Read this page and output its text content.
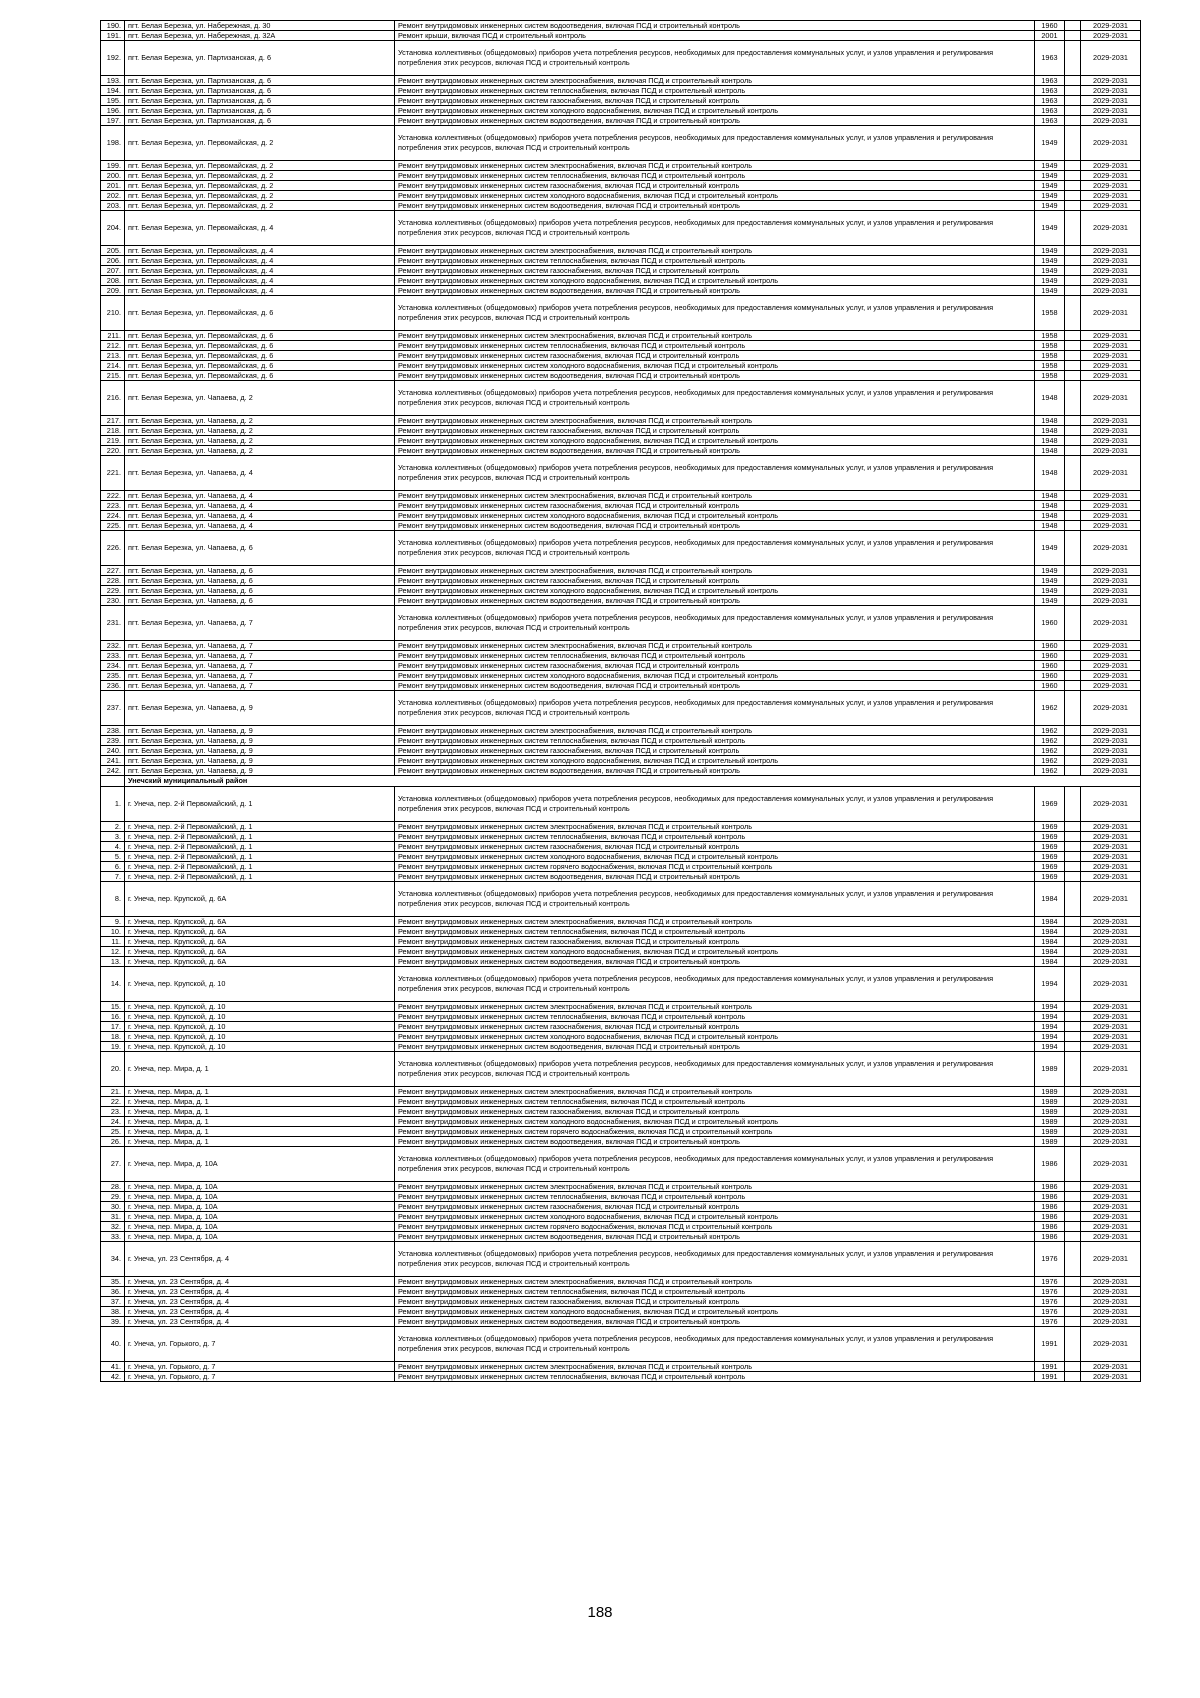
190.	пгт. Белая Березка, ул. Набережная, д. 30	Ремонт внутридомовых инженерных систем водоотведения, включая ПСД и строительный контроль	1960		2029-2031
191.	пгт. Белая Березка, ул. Набережная, д. 32А	Ремонт крыши, включая ПСД и строительный контроль	2001		2029-2031
192.	пгт. Белая Березка, ул. Партизанская, д. 6	Установка коллективных (общедомовых) приборов учета потребления ресурсов, необходимых для предоставления коммунальных услуг, и узлов управления и регулирования потребления этих ресурсов, включая ПСД и строительный контроль	1963		2029-2031
193.	пгт. Белая Березка, ул. Партизанская, д. 6	Ремонт внутридомовых инженерных систем электроснабжения, включая ПСД и строительный контроль	1963		2029-2031
194.	пгт. Белая Березка, ул. Партизанская, д. 6	Ремонт внутридомовых инженерных систем теплоснабжения, включая ПСД и строительный контроль	1963		2029-2031
195.	пгт. Белая Березка, ул. Партизанская, д. 6	Ремонт внутридомовых инженерных систем газоснабжения, включая ПСД и строительный контроль	1963		2029-2031
196.	пгт. Белая Березка, ул. Партизанская, д. 6	Ремонт внутридомовых инженерных систем холодного водоснабжения, включая ПСД и строительный контроль	1963		2029-2031
197.	пгт. Белая Березка, ул. Партизанская, д. 6	Ремонт внутридомовых инженерных систем водоотведения, включая ПСД и строительный контроль	1963		2029-2031
198.	пгт. Белая Березка, ул. Первомайская, д. 2	Установка коллективных (общедомовых) приборов учета потребления ресурсов, необходимых для предоставления коммунальных услуг, и узлов управления и регулирования потребления этих ресурсов, включая ПСД и строительный контроль	1949		2029-2031
199.	пгт. Белая Березка, ул. Первомайская, д. 2	Ремонт внутридомовых инженерных систем электроснабжения, включая ПСД и строительный контроль	1949		2029-2031
200.	пгт. Белая Березка, ул. Первомайская, д. 2	Ремонт внутридомовых инженерных систем теплоснабжения, включая ПСД и строительный контроль	1949		2029-2031
201.	пгт. Белая Березка, ул. Первомайская, д. 2	Ремонт внутридомовых инженерных систем газоснабжения, включая ПСД и строительный контроль	1949		2029-2031
202.	пгт. Белая Березка, ул. Первомайская, д. 2	Ремонт внутридомовых инженерных систем холодного водоснабжения, включая ПСД и строительный контроль	1949		2029-2031
203.	пгт. Белая Березка, ул. Первомайская, д. 2	Ремонт внутридомовых инженерных систем водоотведения, включая ПСД и строительный контроль	1949		2029-2031
204.	пгт. Белая Березка, ул. Первомайская, д. 4	Установка коллективных (общедомовых) приборов учета потребления ресурсов, необходимых для предоставления коммунальных услуг, и узлов управления и регулирования потребления этих ресурсов, включая ПСД и строительный контроль	1949		2029-2031
205.	пгт. Белая Березка, ул. Первомайская, д. 4	Ремонт внутридомовых инженерных систем электроснабжения, включая ПСД и строительный контроль	1949		2029-2031
206.	пгт. Белая Березка, ул. Первомайская, д. 4	Ремонт внутридомовых инженерных систем теплоснабжения, включая ПСД и строительный контроль	1949		2029-2031
207.	пгт. Белая Березка, ул. Первомайская, д. 4	Ремонт внутридомовых инженерных систем газоснабжения, включая ПСД и строительный контроль	1949		2029-2031
208.	пгт. Белая Березка, ул. Первомайская, д. 4	Ремонт внутридомовых инженерных систем холодного водоснабжения, включая ПСД и строительный контроль	1949		2029-2031
209.	пгт. Белая Березка, ул. Первомайская, д. 4	Ремонт внутридомовых инженерных систем водоотведения, включая ПСД и строительный контроль	1949		2029-2031
210.	пгт. Белая Березка, ул. Первомайская, д. 6	Установка коллективных (общедомовых) приборов учета потребления ресурсов, необходимых для предоставления коммунальных услуг, и узлов управления и регулирования потребления этих ресурсов, включая ПСД и строительный контроль	1958		2029-2031
211.	пгт. Белая Березка, ул. Первомайская, д. 6	Ремонт внутридомовых инженерных систем электроснабжения, включая ПСД и строительный контроль	1958		2029-2031
212.	пгт. Белая Березка, ул. Первомайская, д. 6	Ремонт внутридомовых инженерных систем теплоснабжения, включая ПСД и строительный контроль	1958		2029-2031
213.	пгт. Белая Березка, ул. Первомайская, д. 6	Ремонт внутридомовых инженерных систем газоснабжения, включая ПСД и строительный контроль	1958		2029-2031
214.	пгт. Белая Березка, ул. Первомайская, д. 6	Ремонт внутридомовых инженерных систем холодного водоснабжения, включая ПСД и строительный контроль	1958		2029-2031
215.	пгт. Белая Березка, ул. Первомайская, д. 6	Ремонт внутридомовых инженерных систем водоотведения, включая ПСД и строительный контроль	1958		2029-2031
216.	пгт. Белая Березка, ул. Чапаева, д. 2	Установка коллективных (общедомовых) приборов учета потребления ресурсов, необходимых для предоставления коммунальных услуг, и узлов управления и регулирования потребления этих ресурсов, включая ПСД и строительный контроль	1948		2029-2031
217.	пгт. Белая Березка, ул. Чапаева, д. 2	Ремонт внутридомовых инженерных систем электроснабжения, включая ПСД и строительный контроль	1948		2029-2031
218.	пгт. Белая Березка, ул. Чапаева, д. 2	Ремонт внутридомовых инженерных систем газоснабжения, включая ПСД и строительный контроль	1948		2029-2031
219.	пгт. Белая Березка, ул. Чапаева, д. 2	Ремонт внутридомовых инженерных систем холодного водоснабжения, включая ПСД и строительный контроль	1948		2029-2031
220.	пгт. Белая Березка, ул. Чапаева, д. 2	Ремонт внутридомовых инженерных систем водоотведения, включая ПСД и строительный контроль	1948		2029-2031
221.	пгт. Белая Березка, ул. Чапаева, д. 4	Установка коллективных (общедомовых) приборов учета потребления ресурсов, необходимых для предоставления коммунальных услуг, и узлов управления и регулирования потребления этих ресурсов, включая ПСД и строительный контроль	1948		2029-2031
222.	пгт. Белая Березка, ул. Чапаева, д. 4	Ремонт внутридомовых инженерных систем электроснабжения, включая ПСД и строительный контроль	1948		2029-2031
223.	пгт. Белая Березка, ул. Чапаева, д. 4	Ремонт внутридомовых инженерных систем газоснабжения, включая ПСД и строительный контроль	1948		2029-2031
224.	пгт. Белая Березка, ул. Чапаева, д. 4	Ремонт внутридомовых инженерных систем холодного водоснабжения, включая ПСД и строительный контроль	1948		2029-2031
225.	пгт. Белая Березка, ул. Чапаева, д. 4	Ремонт внутридомовых инженерных систем водоотведения, включая ПСД и строительный контроль	1948		2029-2031
226.	пгт. Белая Березка, ул. Чапаева, д. 6	Установка коллективных (общедомовых) приборов учета потребления ресурсов, необходимых для предоставления коммунальных услуг, и узлов управления и регулирования потребления этих ресурсов, включая ПСД и строительный контроль	1949		2029-2031
227.	пгт. Белая Березка, ул. Чапаева, д. 6	Ремонт внутридомовых инженерных систем электроснабжения, включая ПСД и строительный контроль	1949		2029-2031
228.	пгт. Белая Березка, ул. Чапаева, д. 6	Ремонт внутридомовых инженерных систем газоснабжения, включая ПСД и строительный контроль	1949		2029-2031
229.	пгт. Белая Березка, ул. Чапаева, д. 6	Ремонт внутридомовых инженерных систем холодного водоснабжения, включая ПСД и строительный контроль	1949		2029-2031
230.	пгт. Белая Березка, ул. Чапаева, д. 6	Ремонт внутридомовых инженерных систем водоотведения, включая ПСД и строительный контроль	1949		2029-2031
231.	пгт. Белая Березка, ул. Чапаева, д. 7	Установка коллективных (общедомовых) приборов учета потребления ресурсов, необходимых для предоставления коммунальных услуг, и узлов управления и регулирования потребления этих ресурсов, включая ПСД и строительный контроль	1960		2029-2031
232.	пгт. Белая Березка, ул. Чапаева, д. 7	Ремонт внутридомовых инженерных систем электроснабжения, включая ПСД и строительный контроль	1960		2029-2031
233.	пгт. Белая Березка, ул. Чапаева, д. 7	Ремонт внутридомовых инженерных систем теплоснабжения, включая ПСД и строительный контроль	1960		2029-2031
234.	пгт. Белая Березка, ул. Чапаева, д. 7	Ремонт внутридомовых инженерных систем газоснабжения, включая ПСД и строительный контроль	1960		2029-2031
235.	пгт. Белая Березка, ул. Чапаева, д. 7	Ремонт внутридомовых инженерных систем холодного водоснабжения, включая ПСД и строительный контроль	1960		2029-2031
236.	пгт. Белая Березка, ул. Чапаева, д. 7	Ремонт внутридомовых инженерных систем водоотведения, включая ПСД и строительный контроль	1960		2029-2031
237.	пгт. Белая Березка, ул. Чапаева, д. 9	Установка коллективных (общедомовых) приборов учета потребления ресурсов, необходимых для предоставления коммунальных услуг, и узлов управления и регулирования потребления этих ресурсов, включая ПСД и строительный контроль	1962		2029-2031
238.	пгт. Белая Березка, ул. Чапаева, д. 9	Ремонт внутридомовых инженерных систем электроснабжения, включая ПСД и строительный контроль	1962		2029-2031
239.	пгт. Белая Березка, ул. Чапаева, д. 9	Ремонт внутридомовых инженерных систем теплоснабжения, включая ПСД и строительный контроль	1962		2029-2031
240.	пгт. Белая Березка, ул. Чапаева, д. 9	Ремонт внутридомовых инженерных систем газоснабжения, включая ПСД и строительный контроль	1962		2029-2031
241.	пгт. Белая Березка, ул. Чапаева, д. 9	Ремонт внутридомовых инженерных систем холодного водоснабжения, включая ПСД и строительный контроль	1962		2029-2031
242.	пгт. Белая Березка, ул. Чапаева, д. 9	Ремонт внутридомовых инженерных систем водоотведения, включая ПСД и строительный контроль	1962		2029-2031
	Унечский муниципальный район				
1.	г. Унеча, пер. 2-й Первомайский, д. 1	Установка коллективных (общедомовых) приборов учета потребления ресурсов, необходимых для предоставления коммунальных услуг, и узлов управления и регулирования потребления этих ресурсов, включая ПСД и строительный контроль	1969		2029-2031
2.	г. Унеча, пер. 2-й Первомайский, д. 1	Ремонт внутридомовых инженерных систем электроснабжения, включая ПСД и строительный контроль	1969		2029-2031
3.	г. Унеча, пер. 2-й Первомайский, д. 1	Ремонт внутридомовых инженерных систем теплоснабжения, включая ПСД и строительный контроль	1969		2029-2031
4.	г. Унеча, пер. 2-й Первомайский, д. 1	Ремонт внутридомовых инженерных систем газоснабжения, включая ПСД и строительный контроль	1969		2029-2031
5.	г. Унеча, пер. 2-й Первомайский, д. 1	Ремонт внутридомовых инженерных систем холодного водоснабжения, включая ПСД и строительный контроль	1969		2029-2031
6.	г. Унеча, пер. 2-й Первомайский, д. 1	Ремонт внутридомовых инженерных систем горячего водоснабжения, включая ПСД и строительный контроль	1969		2029-2031
7.	г. Унеча, пер. 2-й Первомайский, д. 1	Ремонт внутридомовых инженерных систем водоотведения, включая ПСД и строительный контроль	1969		2029-2031
8.	г. Унеча, пер. Крупской, д. 6А	Установка коллективных (общедомовых) приборов учета потребления ресурсов, необходимых для предоставления коммунальных услуг, и узлов управления и регулирования потребления этих ресурсов, включая ПСД и строительный контроль	1984		2029-2031
9.	г. Унеча, пер. Крупской, д. 6А	Ремонт внутридомовых инженерных систем электроснабжения, включая ПСД и строительный контроль	1984		2029-2031
10.	г. Унеча, пер. Крупской, д. 6А	Ремонт внутридомовых инженерных систем теплоснабжения, включая ПСД и строительный контроль	1984		2029-2031
11.	г. Унеча, пер. Крупской, д. 6А	Ремонт внутридомовых инженерных систем газоснабжения, включая ПСД и строительный контроль	1984		2029-2031
12.	г. Унеча, пер. Крупской, д. 6А	Ремонт внутридомовых инженерных систем холодного водоснабжения, включая ПСД и строительный контроль	1984		2029-2031
13.	г. Унеча, пер. Крупской, д. 6А	Ремонт внутридомовых инженерных систем водоотведения, включая ПСД и строительный контроль	1984		2029-2031
14.	г. Унеча, пер. Крупской, д. 10	Установка коллективных (общедомовых) приборов учета потребления ресурсов, необходимых для предоставления коммунальных услуг, и узлов управления и регулирования потребления этих ресурсов, включая ПСД и строительный контроль	1994		2029-2031
15.	г. Унеча, пер. Крупской, д. 10	Ремонт внутридомовых инженерных систем электроснабжения, включая ПСД и строительный контроль	1994		2029-2031
16.	г. Унеча, пер. Крупской, д. 10	Ремонт внутридомовых инженерных систем теплоснабжения, включая ПСД и строительный контроль	1994		2029-2031
17.	г. Унеча, пер. Крупской, д. 10	Ремонт внутридомовых инженерных систем газоснабжения, включая ПСД и строительный контроль	1994		2029-2031
18.	г. Унеча, пер. Крупской, д. 10	Ремонт внутридомовых инженерных систем холодного водоснабжения, включая ПСД и строительный контроль	1994		2029-2031
19.	г. Унеча, пер. Крупской, д. 10	Ремонт внутридомовых инженерных систем водоотведения, включая ПСД и строительный контроль	1994		2029-2031
20.	г. Унеча, пер. Мира, д. 1	Установка коллективных (общедомовых) приборов учета потребления ресурсов, необходимых для предоставления коммунальных услуг, и узлов управления и регулирования потребления этих ресурсов, включая ПСД и строительный контроль	1989		2029-2031
21.	г. Унеча, пер. Мира, д. 1	Ремонт внутридомовых инженерных систем электроснабжения, включая ПСД и строительный контроль	1989		2029-2031
22.	г. Унеча, пер. Мира, д. 1	Ремонт внутридомовых инженерных систем теплоснабжения, включая ПСД и строительный контроль	1989		2029-2031
23.	г. Унеча, пер. Мира, д. 1	Ремонт внутридомовых инженерных систем газоснабжения, включая ПСД и строительный контроль	1989		2029-2031
24.	г. Унеча, пер. Мира, д. 1	Ремонт внутридомовых инженерных систем холодного водоснабжения, включая ПСД и строительный контроль	1989		2029-2031
25.	г. Унеча, пер. Мира, д. 1	Ремонт внутридомовых инженерных систем горячего водоснабжения, включая ПСД и строительный контроль	1989		2029-2031
26.	г. Унеча, пер. Мира, д. 1	Ремонт внутридомовых инженерных систем водоотведения, включая ПСД и строительный контроль	1989		2029-2031
27.	г. Унеча, пер. Мира, д. 10А	Установка коллективных (общедомовых) приборов учета потребления ресурсов, необходимых для предоставления коммунальных услуг, и узлов управления и регулирования потребления этих ресурсов, включая ПСД и строительный контроль	1986		2029-2031
28.	г. Унеча, пер. Мира, д. 10А	Ремонт внутридомовых инженерных систем электроснабжения, включая ПСД и строительный контроль	1986		2029-2031
29.	г. Унеча, пер. Мира, д. 10А	Ремонт внутридомовых инженерных систем теплоснабжения, включая ПСД и строительный контроль	1986		2029-2031
30.	г. Унеча, пер. Мира, д. 10А	Ремонт внутридомовых инженерных систем газоснабжения, включая ПСД и строительный контроль	1986		2029-2031
31.	г. Унеча, пер. Мира, д. 10А	Ремонт внутридомовых инженерных систем холодного водоснабжения, включая ПСД и строительный контроль	1986		2029-2031
32.	г. Унеча, пер. Мира, д. 10А	Ремонт внутридомовых инженерных систем горячего водоснабжения, включая ПСД и строительный контроль	1986		2029-2031
33.	г. Унеча, пер. Мира, д. 10А	Ремонт внутридомовых инженерных систем водоотведения, включая ПСД и строительный контроль	1986		2029-2031
34.	г. Унеча, ул. 23 Сентября, д. 4	Установка коллективных (общедомовых) приборов учета потребления ресурсов, необходимых для предоставления коммунальных услуг, и узлов управления и регулирования потребления этих ресурсов, включая ПСД и строительный контроль	1976		2029-2031
35.	г. Унеча, ул. 23 Сентября, д. 4	Ремонт внутридомовых инженерных систем электроснабжения, включая ПСД и строительный контроль	1976		2029-2031
36.	г. Унеча, ул. 23 Сентября, д. 4	Ремонт внутридомовых инженерных систем теплоснабжения, включая ПСД и строительный контроль	1976		2029-2031
37.	г. Унеча, ул. 23 Сентября, д. 4	Ремонт внутридомовых инженерных систем газоснабжения, включая ПСД и строительный контроль	1976		2029-2031
38.	г. Унеча, ул. 23 Сентября, д. 4	Ремонт внутридомовых инженерных систем холодного водоснабжения, включая ПСД и строительный контроль	1976		2029-2031
39.	г. Унеча, ул. 23 Сентября, д. 4	Ремонт внутридомовых инженерных систем водоотведения, включая ПСД и строительный контроль	1976		2029-2031
40.	г. Унеча, ул. Горького, д. 7	Установка коллективных (общедомовых) приборов учета потребления ресурсов, необходимых для предоставления коммунальных услуг, и узлов управления и регулирования потребления этих ресурсов, включая ПСД и строительный контроль	1991		2029-2031
41.	г. Унеча, ул. Горького, д. 7	Ремонт внутридомовых инженерных систем электроснабжения, включая ПСД и строительный контроль	1991		2029-2031
42.	г. Унеча, ул. Горького, д. 7	Ремонт внутридомовых инженерных систем теплоснабжения, включая ПСД и строительный контроль	1991		2029-2031
188
